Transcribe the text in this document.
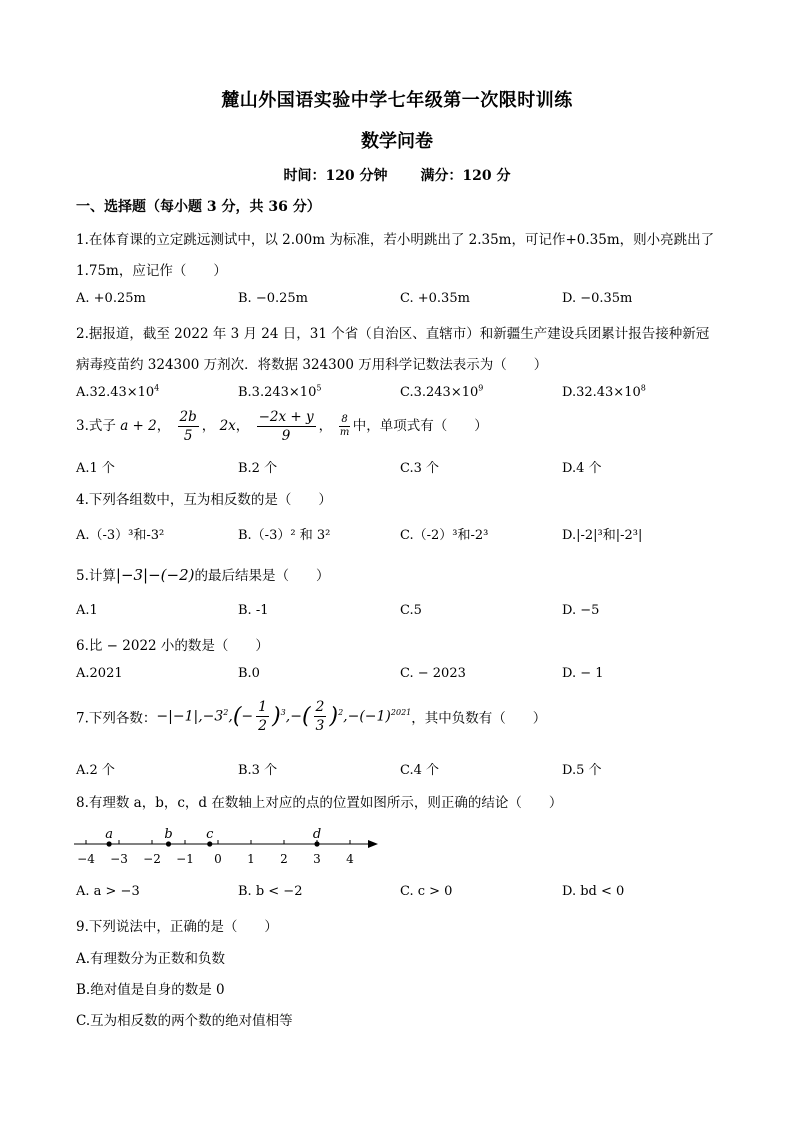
麓山外国语实验中学七年级第一次限时训练
数学问卷
时间：120 分钟 满分：120 分
一、选择题（每小题 3 分，共 36 分）
1.在体育课的立定跳远测试中，以 2.00m 为标准，若小明跳出了 2.35m，可记作+0.35m，则小亮跳出了
1.75m，应记作（　　）
A. +0.25m	B. −0.25m	C. +0.35m	D. −0.35m
2.据报道，截至 2022 年 3 月 24 日，31 个省（自治区、直辖市）和新疆生产建设兵团累计报告接种新冠
病毒疫苗约 324300 万剂次．将数据 324300 万用科学记数法表示为（　　）
$A.32.43\times 10^4$	$B.3.243\times 10^5$	$C.3.243\times 10^9$	$D.32.43\times 10^8$
3.式子 a + 2， $\frac{2b}{5}$ ， 2x， $\frac{-2x + y}{9}$ ， $\frac{8}{m}$ 中，单项式有（　　）
A.1 个	B.2 个	C.3 个	D.4 个
4.下列各组数中，互为相反数的是（　　）
A.（-3）³和-3²	B.（-3）² 和 3²	C.（-2）³和-2³	D.|-2|³和|-2³|
5.计算|−3|−(−2)的最后结果是（　　）
A.1	B. -1	C.5	D. −5
6.比 − 2022 小的数是（　　）
A.2021	B.0	C. − 2023	D. − 1
7.下列各数：$-|-1|,-3^2,(- \frac{1}{2} )^3,-( \frac{2}{3} )^2,-(-1)^{2021}$，其中负数有（　　）
A.2 个	B.3 个	C.4 个	D.5 个
8.有理数 a，b，c，d 在数轴上对应的点的位置如图所示，则正确的结论（　　）
−4 −3 −2 −1 0 1 2 3 4
a	b	c	d
A. a > −3	B. b < −2	C. c > 0	D. bd < 0
9.下列说法中，正确的是（　　）
A.有理数分为正数和负数
B.绝对值是自身的数是 0
C.互为相反数的两个数的绝对值相等
